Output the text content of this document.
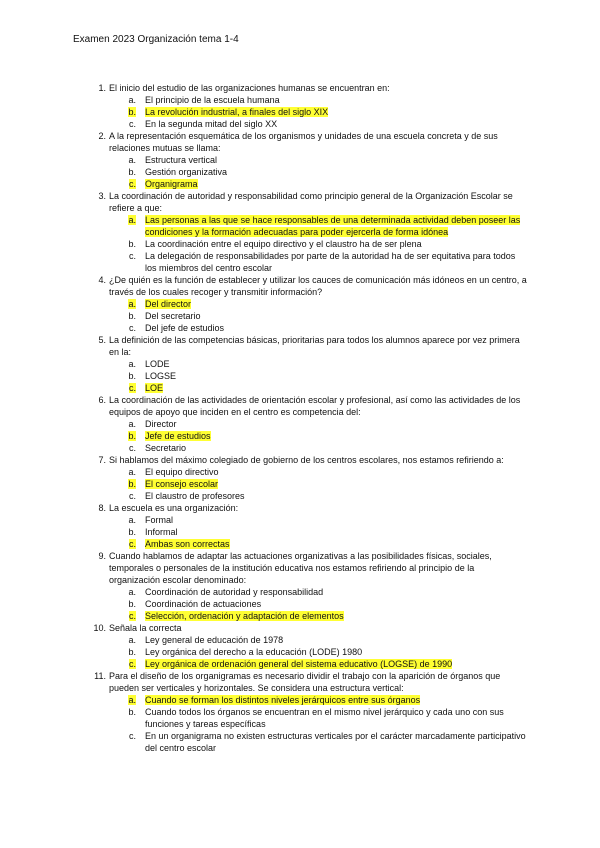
Examen 2023 Organización tema 1-4
1. El inicio del estudio de las organizaciones humanas se encuentran en:
a. El principio de la escuela humana
b. La revolución industrial, a finales del siglo XIX
c. En la segunda mitad del siglo XX
2. A la representación esquemática de los organismos y unidades de una escuela concreta y de sus relaciones mutuas se llama:
a. Estructura vertical
b. Gestión organizativa
c. Organigrama
3. La coordinación de autoridad y responsabilidad como principio general de la Organización Escolar se refiere a que:
a. Las personas a las que se hace responsables de una determinada actividad deben poseer las condiciones y la formación adecuadas para poder ejercerla de forma idónea
b. La coordinación entre el equipo directivo y el claustro ha de ser plena
c. La delegación de responsabilidades por parte de la autoridad ha de ser equitativa para todos los miembros del centro escolar
4. ¿De quién es la función de establecer y utilizar los cauces de comunicación más idóneos en un centro, a través de los cuales recoger y transmitir información?
a. Del director
b. Del secretario
c. Del jefe de estudios
5. La definición de las competencias básicas, prioritarias para todos los alumnos aparece por vez primera en la:
a. LODE
b. LOGSE
c. LOE
6. La coordinación de las actividades de orientación escolar y profesional, así como las actividades de los equipos de apoyo que inciden en el centro es competencia del:
a. Director
b. Jefe de estudios
c. Secretario
7. Si hablamos del máximo colegiado de gobierno de los centros escolares, nos estamos refiriendo a:
a. El equipo directivo
b. El consejo escolar
c. El claustro de profesores
8. La escuela es una organización:
a. Formal
b. Informal
c. Ambas son correctas
9. Cuando hablamos de adaptar las actuaciones organizativas a las posibilidades físicas, sociales, temporales o personales de la institución educativa nos estamos refiriendo al principio de la organización escolar denominado:
a. Coordinación de autoridad y responsabilidad
b. Coordinación de actuaciones
c. Selección, ordenación y adaptación de elementos
10. Señala la correcta
a. Ley general de educación de 1978
b. Ley orgánica del derecho a la educación (LODE) 1980
c. Ley orgánica de ordenación general del sistema educativo (LOGSE) de 1990
11. Para el diseño de los organigramas es necesario dividir el trabajo con la aparición de órganos que pueden ser verticales y horizontales. Se considera una estructura vertical:
a. Cuando se forman los distintos niveles jerárquicos entre sus órganos
b. Cuando todos los órganos se encuentran en el mismo nivel jerárquico y cada uno con sus funciones y tareas específicas
c. En un organigrama no existen estructuras verticales por el carácter marcadamente participativo del centro escolar
